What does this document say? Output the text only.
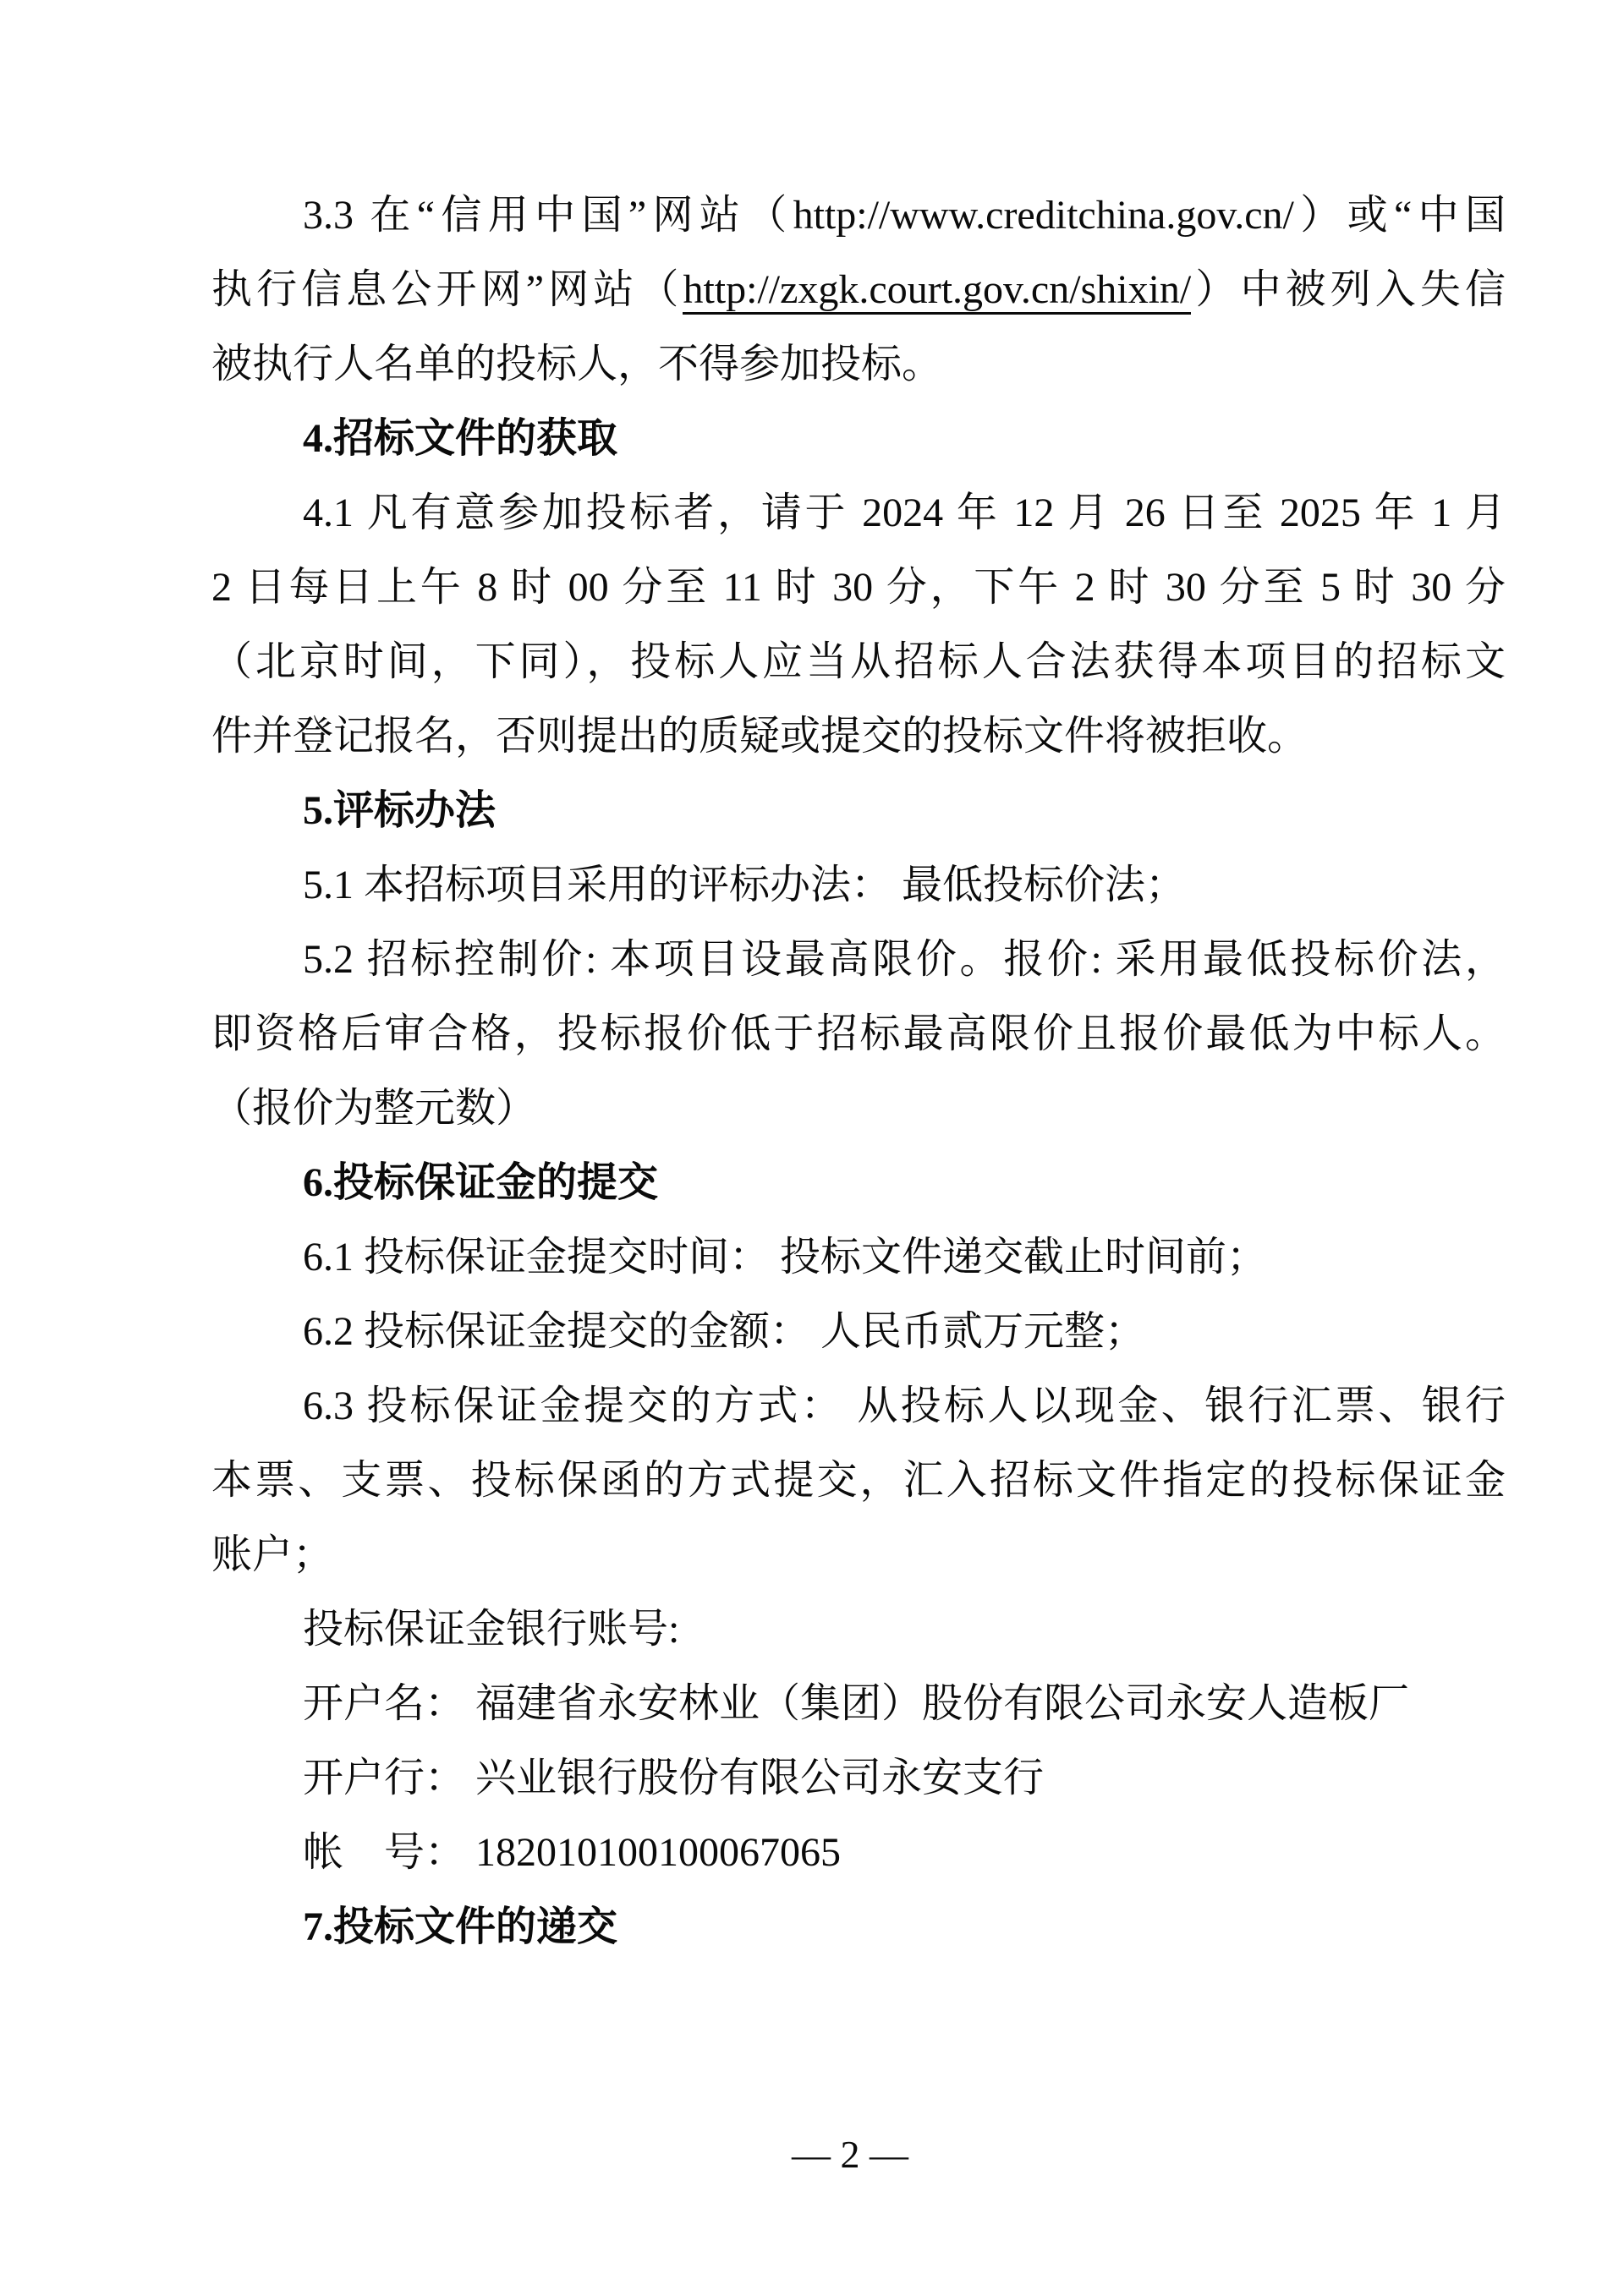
3.3 在“信用中国”网站（http://www.creditchina.gov.cn/）或“中国
执行信息公开网”网站（http://zxgk.court.gov.cn/shixin/）中被列入失信
被执行人名单的投标人，不得参加投标。
4.招标文件的获取
4.1 凡有意参加投标者，请于 2024 年 12 月 26 日至 2025 年 1 月
2 日每日上午 8 时 00 分至 11 时 30 分，下午 2 时 30 分至 5 时 30 分
（北京时间，下同），投标人应当从招标人合法获得本项目的招标文
件并登记报名，否则提出的质疑或提交的投标文件将被拒收。
5.评标办法
5.1 本招标项目采用的评标办法： 最低投标价法；
5.2 招标控制价: 本项目设最高限价。报价: 采用最低投标价法，
即资格后审合格，投标报价低于招标最高限价且报价最低为中标人。
（报价为整元数）
6.投标保证金的提交
6.1 投标保证金提交时间： 投标文件递交截止时间前；
6.2 投标保证金提交的金额： 人民币贰万元整；
6.3 投标保证金提交的方式： 从投标人以现金、银行汇票、银行
本票、支票、投标保函的方式提交，汇入招标文件指定的投标保证金
账户；
投标保证金银行账号:
开户名： 福建省永安林业（集团）股份有限公司永安人造板厂
开户行： 兴业银行股份有限公司永安支行
帐　号： 182010100100067065
7.投标文件的递交
— 2 —
